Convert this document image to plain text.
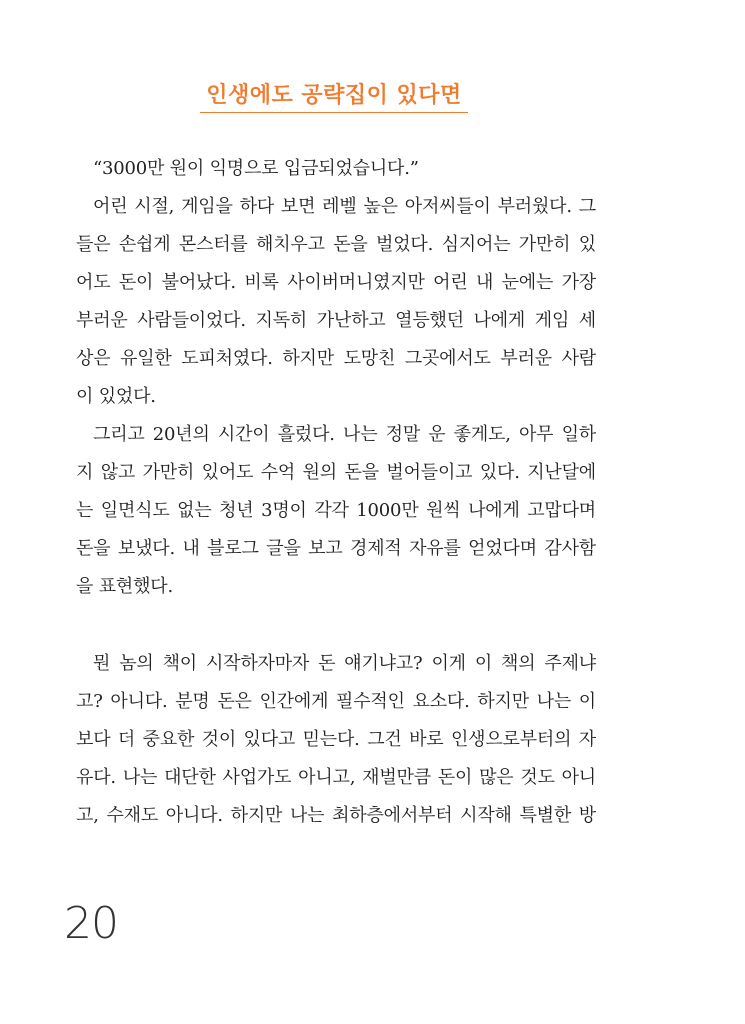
인생에도 공략집이 있다면
“3000만 원이 익명으로 입금되었습니다.”
어린 시절, 게임을 하다 보면 레벨 높은 아저씨들이 부러웠다. 그
들은 손쉽게 몬스터를 해치우고 돈을 벌었다. 심지어는 가만히 있
어도 돈이 불어났다. 비록 사이버머니였지만 어린 내 눈에는 가장
부러운 사람들이었다. 지독히 가난하고 열등했던 나에게 게임 세
상은 유일한 도피처였다. 하지만 도망친 그곳에서도 부러운 사람
이 있었다.
그리고 20년의 시간이 흘렀다. 나는 정말 운 좋게도, 아무 일하
지 않고 가만히 있어도 수억 원의 돈을 벌어들이고 있다. 지난달에
는 일면식도 없는 청년 3명이 각각 1000만 원씩 나에게 고맙다며
돈을 보냈다. 내 블로그 글을 보고 경제적 자유를 얻었다며 감사함
을 표현했다.
뭔 놈의 책이 시작하자마자 돈 얘기냐고? 이게 이 책의 주제냐
고? 아니다. 분명 돈은 인간에게 필수적인 요소다. 하지만 나는 이
보다 더 중요한 것이 있다고 믿는다. 그건 바로 인생으로부터의 자
유다. 나는 대단한 사업가도 아니고, 재벌만큼 돈이 많은 것도 아니
고, 수재도 아니다. 하지만 나는 최하층에서부터 시작해 특별한 방
20
